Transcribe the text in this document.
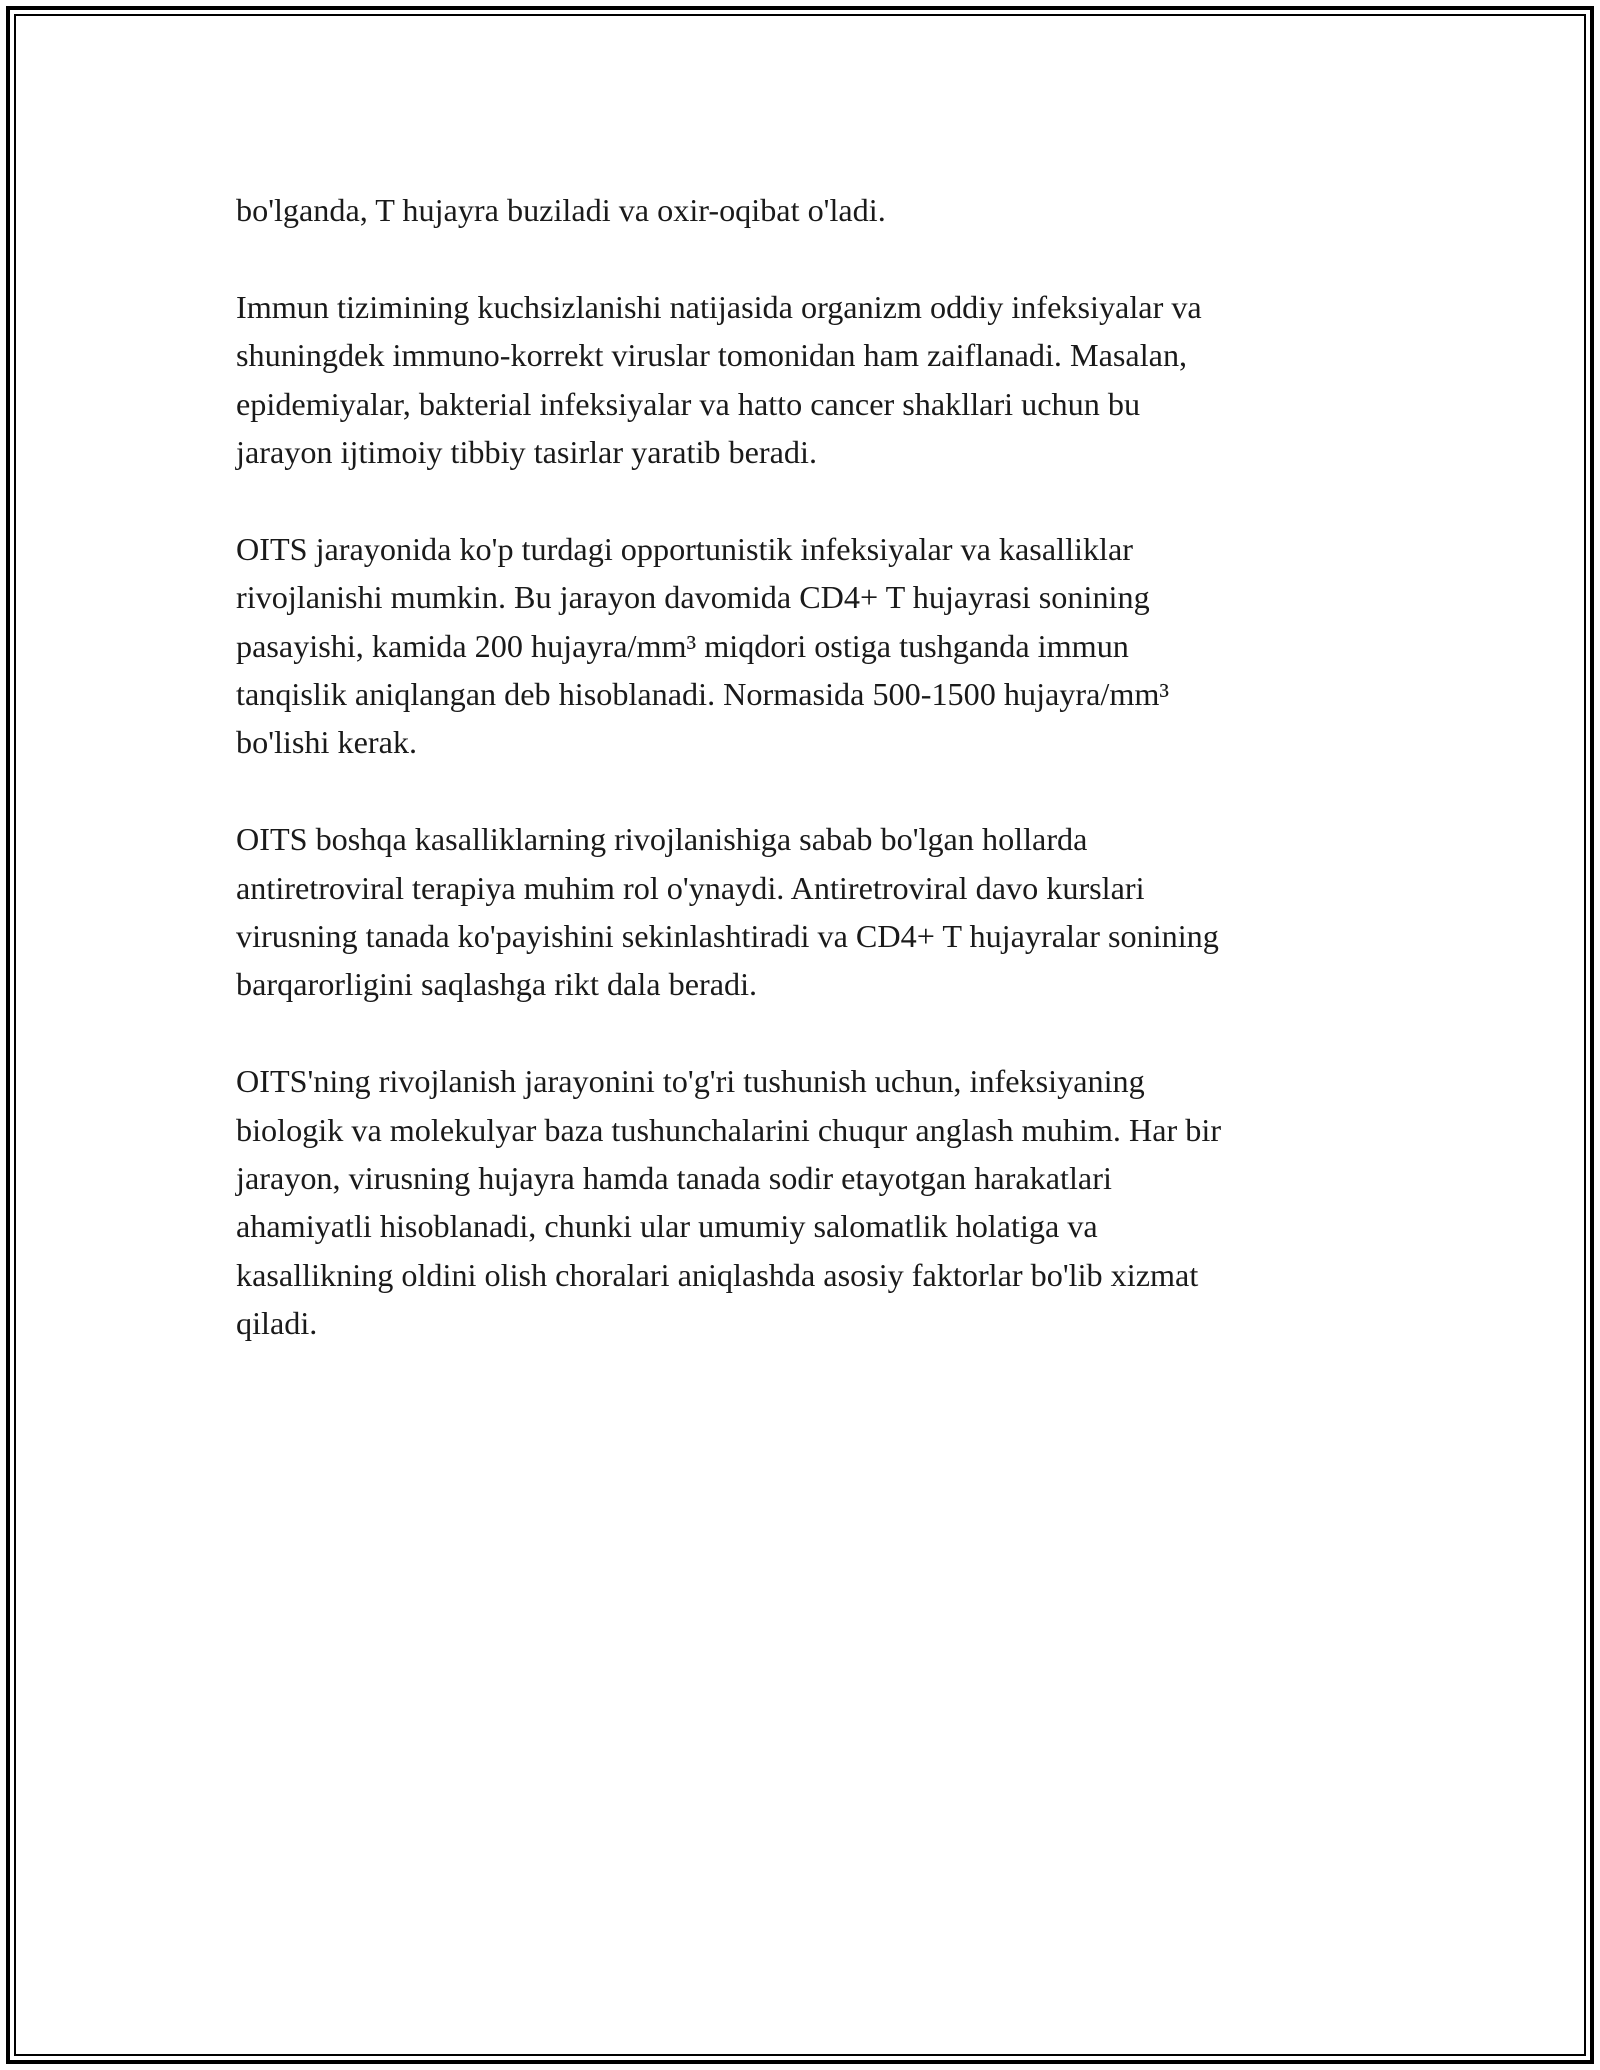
bo'lganda, T hujayra buziladi va oxir-oqibat o'ladi.

Immun tizimining kuchsizlanishi natijasida organizm oddiy infeksiyalar va
shuningdek immuno-korrekt viruslar tomonidan ham zaiflanadi. Masalan,
epidemiyalar, bakterial infeksiyalar va hatto cancer shakllari uchun bu
jarayon ijtimoiy tibbiy tasirlar yaratib beradi.

OITS jarayonida ko'p turdagi opportunistik infeksiyalar va kasalliklar
rivojlanishi mumkin. Bu jarayon davomida CD4+ T hujayrasi sonining
pasayishi, kamida 200 hujayra/mm³ miqdori ostiga tushganda immun
tanqislik aniqlangan deb hisoblanadi. Normasida 500-1500 hujayra/mm³
bo'lishi kerak.

OITS boshqa kasalliklarning rivojlanishiga sabab bo'lgan hollarda
antiretroviral terapiya muhim rol o'ynaydi. Antiretroviral davo kurslari
virusning tanada ko'payishini sekinlashtiradi va CD4+ T hujayralar sonining
barqarorligini saqlashga rikt dala beradi.

OITS'ning rivojlanish jarayonini to'g'ri tushunish uchun, infeksiyaning
biologik va molekulyar baza tushunchalarini chuqur anglash muhim. Har bir
jarayon, virusning hujayra hamda tanada sodir etayotgan harakatlari
ahamiyatli hisoblanadi, chunki ular umumiy salomatlik holatiga va
kasallikning oldini olish choralari aniqlashda asosiy faktorlar bo'lib xizmat
qiladi.
